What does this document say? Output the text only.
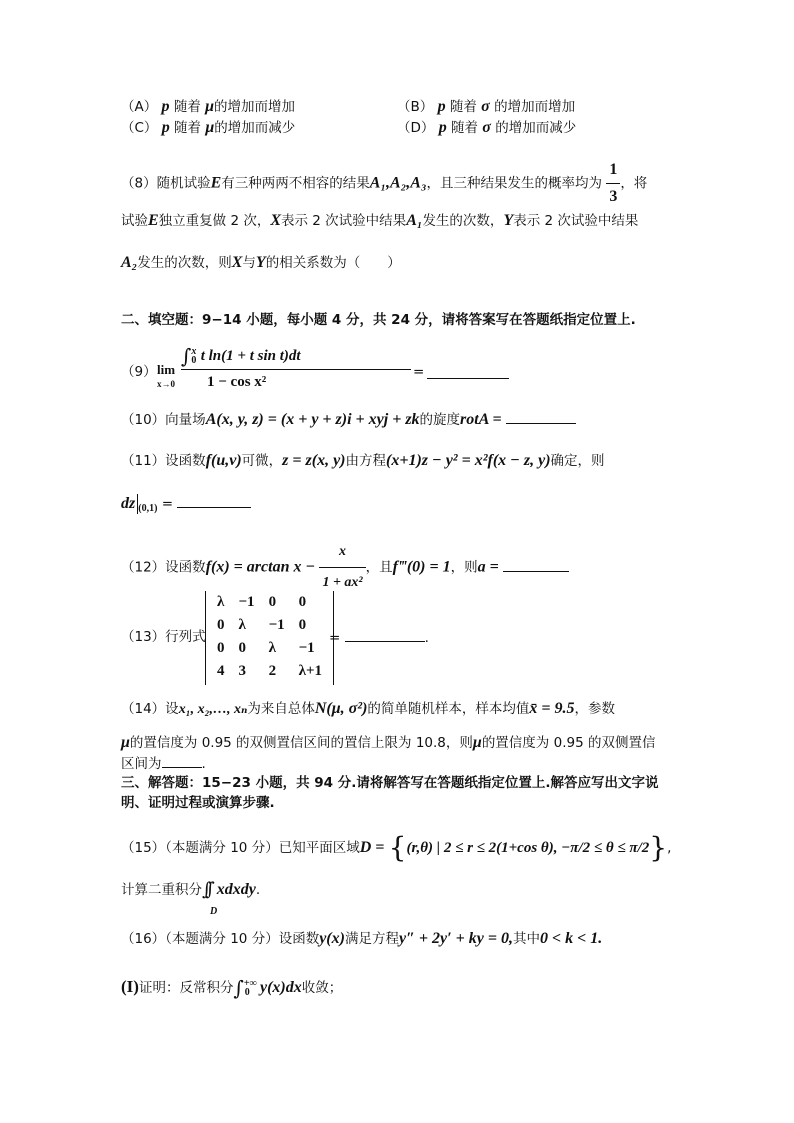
（A） p 随着 μ的增加而增加	（B） p 随着 σ 的增加而增加
（C） p 随着 μ的增加而减少	（D） p 随着 σ 的增加而减少
（8）随机试验E有三种两两不相容的结果A₁,A₂,A₃，且三种结果发生的概率均为 $\frac{1}{3}$ ，将
试验E独立重复做 2 次，X表示 2 次试验中结果A₁发生的次数，Y表示 2 次试验中结果
A₂发生的次数，则X与Y的相关系数为（　　）
二、填空题：9−14 小题，每小题 4 分，共 24 分，请将答案写在答题纸指定位置上.
（9） lim
x→0
∫$^x_0$ t ln(1 + t sin t)dt
1 − cos x²
=
（10）向量场A(x, y, z) = (x + y + z)i + xyj + zk的旋度rotA =
（11）设函数f(u,v)可微，z = z(x, y)由方程(x+1)z − y² = x²f(x − z, y)确定，则
dz $_{(0,1)}$ =
（12）设函数$f(x) = \arctan x - \frac{x}{\text{1 + ax²}}$ ，且f‴(0) = 1，则a =
（13）行列式
λ	−1	0	0
0	λ	−1	0
0	0	λ	−1
4	3	2	λ+1
=	.
（14）设x₁, x₂,…, xₙ为来自总体N(μ, σ²)的简单随机样本，样本均值x̄ = 9.5，参数
μ的置信度为 0.95 的双侧置信区间的置信上限为 10.8，则μ的置信度为 0.95 的双侧置信
区间为	.
三、解答题：15−23 小题，共 94 分.请将解答写在答题纸指定位置上.解答应写出文字说
明、证明过程或演算步骤.
（15）（本题满分 10 分）已知平面区域D = {(r,θ) | 2 ≤ r ≤ 2(1+cos θ), −π/2 ≤ θ ≤ π/2},
计算二重积分∫∫ xdxdy.
D
（16）（本题满分 10 分）设函数y(x)满足方程y″ + 2y′ + ky = 0,其中0 < k < 1.
(I)证明：反常积分$\int^{+\infty}_0$ y(x)dx收敛；
